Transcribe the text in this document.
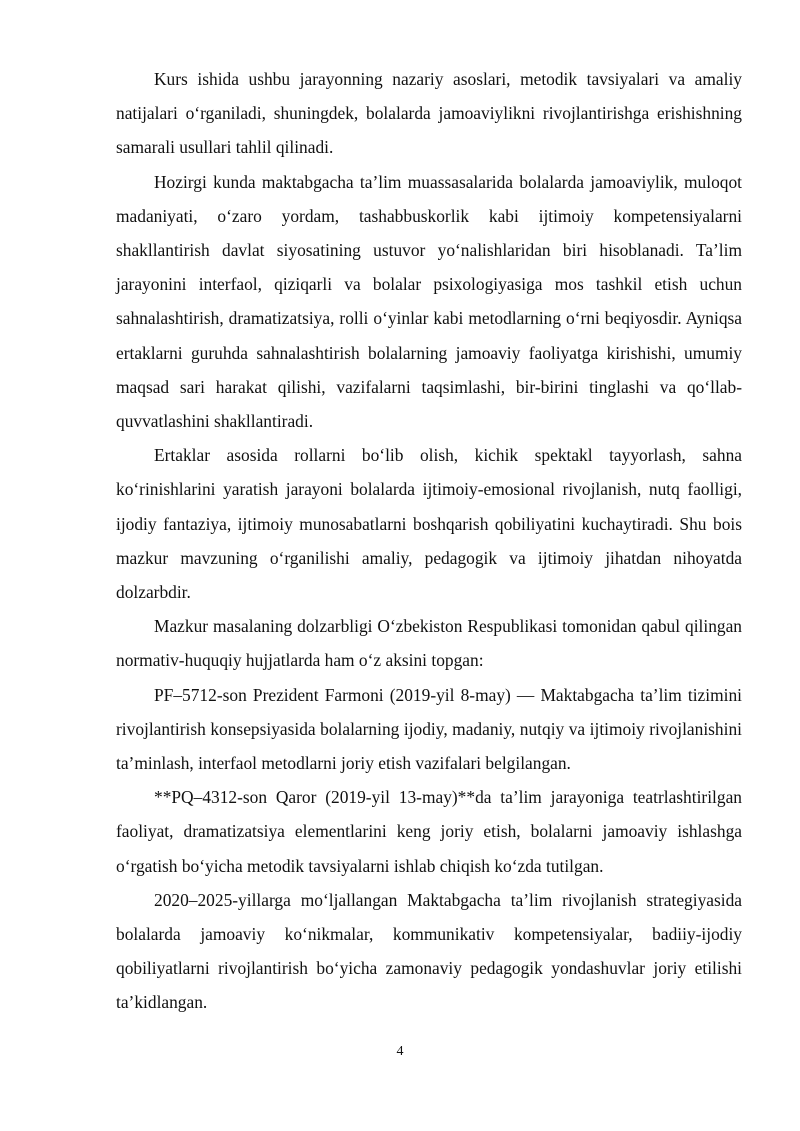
Kurs ishida ushbu jarayonning nazariy asoslari, metodik tavsiyalari va amaliy natijalari o‘rganiladi, shuningdek, bolalarda jamoaviylikni rivojlantirishga erishishning samarali usullari tahlil qilinadi.

Hozirgi kunda maktabgacha ta’lim muassasalarida bolalarda jamoaviylik, muloqot madaniyati, o‘zaro yordam, tashabbuskorlik kabi ijtimoiy kompetensiyalarni shakllantirish davlat siyosatining ustuvor yo‘nalishlaridan biri hisoblanadi. Ta’lim jarayonini interfaol, qiziqarli va bolalar psixologiyasiga mos tashkil etish uchun sahnalashtirish, dramatizatsiya, rolli o‘yinlar kabi metodlarning o‘rni beqiyosdir. Ayniqsa ertaklarni guruhda sahnalashtirish bolalarning jamoaviy faoliyatga kirishishi, umumiy maqsad sari harakat qilishi, vazifalarni taqsimlashi, bir-birini tinglashi va qo‘llab-quvvatlashini shakllantiradi.

Ertaklar asosida rollarni bo‘lib olish, kichik spektakl tayyorlash, sahna ko‘rinishlarini yaratish jarayoni bolalarda ijtimoiy-emosional rivojlanish, nutq faolligi, ijodiy fantaziya, ijtimoiy munosabatlarni boshqarish qobiliyatini kuchaytiradi. Shu bois mazkur mavzuning o‘rganilishi amaliy, pedagogik va ijtimoiy jihatdan nihoyatda dolzarbdir.

Mazkur masalaning dolzarbligi O‘zbekiston Respublikasi tomonidan qabul qilingan normativ-huquqiy hujjatlarda ham o‘z aksini topgan:

PF–5712-son Prezident Farmoni (2019-yil 8-may) — Maktabgacha ta’lim tizimini rivojlantirish konsepsiyasida bolalarning ijodiy, madaniy, nutqiy va ijtimoiy rivojlanishini ta’minlash, interfaol metodlarni joriy etish vazifalari belgilangan.

**PQ–4312-son Qaror (2019-yil 13-may)**da ta’lim jarayoniga teatrlashtirilgan faoliyat, dramatizatsiya elementlarini keng joriy etish, bolalarni jamoaviy ishlashga o‘rgatish bo‘yicha metodik tavsiyalarni ishlab chiqish ko‘zda tutilgan.

2020–2025-yillarga mo‘ljallangan Maktabgacha ta’lim rivojlanish strategiyasida bolalarda jamoaviy ko‘nikmalar, kommunikativ kompetensiyalar, badiiy-ijodiy qobiliyatlarni rivojlantirish bo‘yicha zamonaviy pedagogik yondashuvlar joriy etilishi ta’kidlangan.

4
